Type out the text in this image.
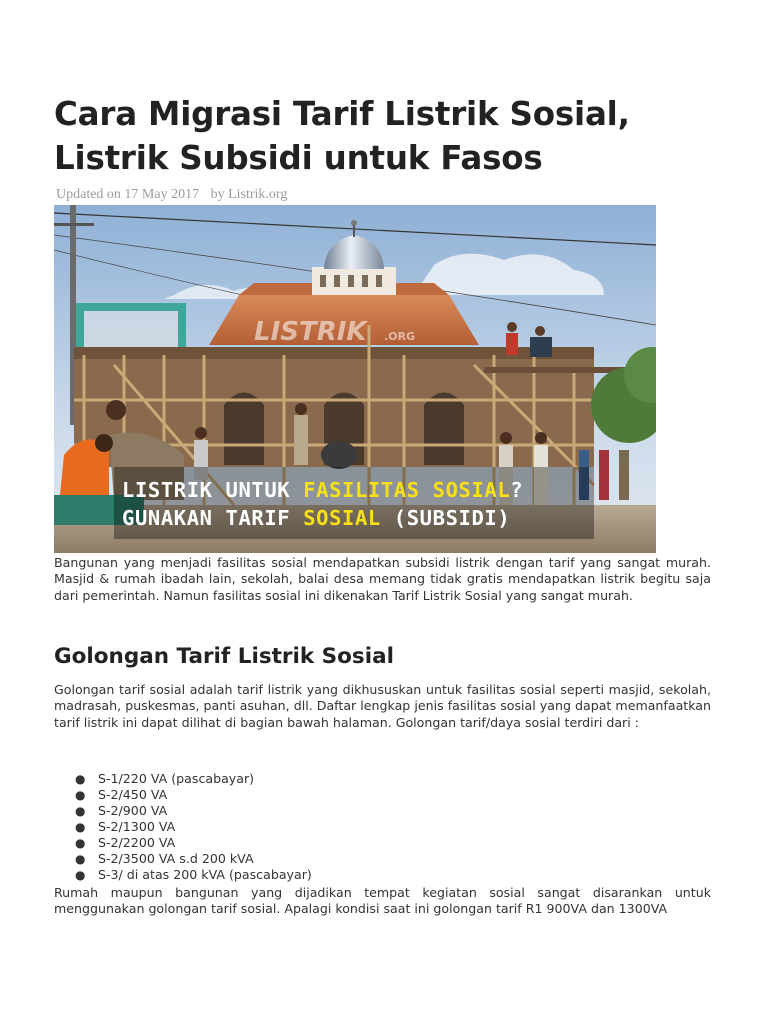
Cara Migrasi Tarif Listrik Sosial,
Listrik Subsidi untuk Fasos
Updated on 17 May 2017 by Listrik.org
LISTRIK .ORG
LISTRIK UNTUK FASILITAS SOSIAL?
GUNAKAN TARIF SOSIAL (SUBSIDI)

Bangunan yang menjadi fasilitas sosial mendapatkan subsidi listrik dengan tarif yang sangat murah. Masjid & rumah ibadah lain, sekolah, balai desa memang tidak gratis mendapatkan listrik begitu saja dari pemerintah. Namun fasilitas sosial ini dikenakan Tarif Listrik Sosial yang sangat murah.

Golongan Tarif Listrik Sosial

Golongan tarif sosial adalah tarif listrik yang dikhususkan untuk fasilitas sosial seperti masjid, sekolah, madrasah, puskesmas, panti asuhan, dll. Daftar lengkap jenis fasilitas sosial yang dapat memanfaatkan tarif listrik ini dapat dilihat di bagian bawah halaman. Golongan tarif/daya sosial terdiri dari :

● S-1/220 VA (pascabayar)
● S-2/450 VA
● S-2/900 VA
● S-2/1300 VA
● S-2/2200 VA
● S-2/3500 VA s.d 200 kVA
● S-3/ di atas 200 kVA (pascabayar)

Rumah maupun bangunan yang dijadikan tempat kegiatan sosial sangat disarankan untuk menggunakan golongan tarif sosial. Apalagi kondisi saat ini golongan tarif R1 900VA dan 1300VA
